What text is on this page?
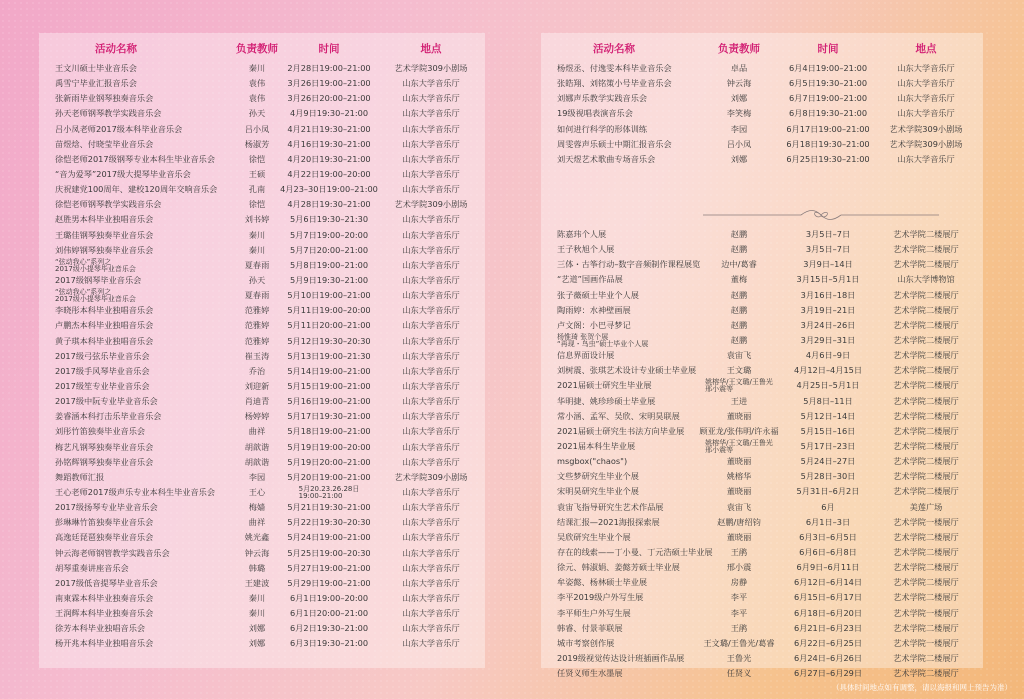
活动名称	负责教师	时间	地点
王文川硕士毕业音乐会	秦川	2月28日19:00–21:00	艺术学院309小剧场
禹雪宁毕业汇报音乐会	袁伟	3月26日19:00–21:00	山东大学音乐厅
张新雨毕业钢琴独奏音乐会	袁伟	3月26日20:00–21:00	山东大学音乐厅
孙天老师钢琴教学实践音乐会	孙天	4月9日19:30–21:00	山东大学音乐厅
吕小凤老师2017级本科毕业音乐会	吕小凤 4月21日19:30–21:00	山东大学音乐厅
苗煜焓、付晓莹毕业音乐会	杨淑芳 4月16日19:30–21:00	山东大学音乐厅
徐恺老师2017级钢琴专业本科生毕业音乐会	徐恺	4月20日19:30–21:00	山东大学音乐厅
“音为爱琴”2017级大提琴毕业音乐会	王硕	4月22日19:00–20:00	山东大学音乐厅
庆祝建党100周年、建校120周年交响音乐会	孔南 4月23–30日19:00–21:00	山东大学音乐厅
徐恺老师钢琴教学实践音乐会	徐恺	4月28日19:30–21:00	艺术学院309小剧场
赵胜男本科毕业独唱音乐会	刘书婷	5月6日19:30–21:30	山东大学音乐厅
王璐佳钢琴独奏毕业音乐会	秦川	5月7日19:00–20:00	山东大学音乐厅
刘伟婷钢琴独奏毕业音乐会	秦川	5月7日20:00–21:00	山东大学音乐厅
“弦动我心”系列之
2017级小提琴毕业音乐会	夏春雨	5月8日19:00–21:00	山东大学音乐厅
2017级钢琴毕业音乐会	孙天	5月9日19:30–21:00	山东大学音乐厅
“弦动我心”系列之
2017级小提琴毕业音乐会	夏春雨 5月10日19:00–21:00	山东大学音乐厅
李晓彤本科毕业独唱音乐会	范雅婷 5月11日19:00–20:00	山东大学音乐厅
卢鹏杰本科毕业独唱音乐会	范雅婷 5月11日20:00–21:00	山东大学音乐厅
黄子琪本科毕业独唱音乐会	范雅婷 5月12日19:30–20:30	山东大学音乐厅
2017级弓弦乐毕业音乐会	崔玉涛 5月13日19:00–21:30	山东大学音乐厅
2017级手风琴毕业音乐会	乔治	5月14日19:00–21:00	山东大学音乐厅
2017级笙专业毕业音乐会	刘迎新 5月15日19:00–21:00	山东大学音乐厅
2017级中阮专业毕业音乐会	肖迪青 5月16日19:00–21:00	山东大学音乐厅
姜睿涵本科打击乐毕业音乐会	杨婷婷 5月17日19:30–21:00	山东大学音乐厅
刘彤竹笛独奏毕业音乐会	曲祥	5月18日19:00–21:00	山东大学音乐厅
梅艺凡钢琴独奏毕业音乐会	胡歆谐 5月19日19:00–20:00	山东大学音乐厅
孙铭辉钢琴独奏毕业音乐会	胡歆谐 5月19日20:00–21:00	山东大学音乐厅
舞蹈教师汇报	李园	5月20日19:00–21:00	艺术学院309小剧场
王心老师2017级声乐专业本科生毕业音乐会	王心	5月20.23.26.28日
19:00–21:00	山东大学音乐厅
2017级扬琴专业毕业音乐会	梅嫱	5月21日19:30–21:00	山东大学音乐厅
彭琳琳竹笛独奏毕业音乐会	曲祥	5月22日19:30–20:30	山东大学音乐厅
高逸廷琵琶独奏毕业音乐会	姚光鑫 5月24日19:00–21:00	山东大学音乐厅
钟云海老师钢管教学实践音乐会	钟云海 5月25日19:00–20:30	山东大学音乐厅
胡琴重奏讲座音乐会	韩璐	5月27日19:00–21:00	山东大学音乐厅
2017级低音提琴毕业音乐会	王建波 5月29日19:00–21:00	山东大学音乐厅
南東霖本科毕业独奏音乐会	秦川	6月1日19:00–20:00	山东大学音乐厅
王润辉本科毕业独奏音乐会	秦川	6月1日20:00–21:00	山东大学音乐厅
徐芳本科毕业独唱音乐会	刘娜	6月2日19:30–21:00	山东大学音乐厅
杨开兆本科毕业独唱音乐会	刘娜	6月3日19:30–21:00	山东大学音乐厅
活动名称	负责教师	时间	地点
杨煜丞、付逸雯本科毕业音乐会	卓品	6月4日19:00–21:00	山东大学音乐厅
张皓翔、刘铭策小号毕业音乐会	钟云海	6月5日19:30–21:00	山东大学音乐厅
刘娜声乐教学实践音乐会	刘娜	6月7日19:00–21:00	山东大学音乐厅
19级视唱表演音乐会	李笑梅	6月8日19:30–21:00	山东大学音乐厅
如何进行科学的形体训练	李园	6月17日19:00–21:00 艺术学院309小剧场
周雯蓉声乐硕士中期汇报音乐会	吕小凤	6月18日19:30–21:00 艺术学院309小剧场
刘天煜艺术歌曲专场音乐会	刘娜	6月25日19:30–21:00	山东大学音乐厅
陈嘉玮个人展	赵鹏	3月5日–7日	艺术学院二楼展厅
王子秋旭个人展	赵鹏	3月5日–7日	艺术学院二楼展厅
三体・古筝行动–数字音频制作课程展览	边中/葛睿	3月9日–14日	艺术学院二楼展厅
“艺道”国画作品展	董梅	3月15日–5月1日	山东大学博物馆
张子薇硕士毕业个人展	赵鹏	3月16日–18日	艺术学院二楼展厅
陶雨婷：水神壁画展	赵鹏	3月19日–21日	艺术学院二楼展厅
卢文阁：小巴寻梦记	赵鹏	3月24日–26日	艺术学院二楼展厅
杨惟琦 张贺个展
“再现・鸟虫”硕士毕业个人展	赵鹏	3月29日–31日	艺术学院二楼展厅
信息界面设计展	袁宙飞	4月6日–9日	艺术学院二楼展厅
刘树震、张琪艺术设计专业硕士毕业展	王文璐	4月12日–4月15日	艺术学院二楼展厅
2021届硕士研究生毕业展	姚榕华/王文璐/王鲁光
邢小震等	4月25日–5月1日	艺术学院二楼展厅
华明捷、姚珍珍硕士毕业展	王进	5月8日–11日	艺术学院二楼展厅
常小涵、孟军、吴欣、宋明昊联展	董晓丽	5月12日–14日	艺术学院二楼展厅
2021届硕士研究生书法方向毕业展 顾亚龙/张伟明/许永福	5月15日–16日	艺术学院二楼展厅
2021届本科生毕业展	姚榕华/王文璐/王鲁光
邢小震等	5月17日–23日	艺术学院二楼展厅
msgbox("chaos")	董晓丽	5月24日–27日	艺术学院二楼展厅
文些梦研究生毕业个展	姚榕华	5月28日–30日	艺术学院二楼展厅
宋明昊研究生毕业个展	董晓丽	5月31日–6月2日	艺术学院二楼展厅
袁宙飞指导研究生艺术作品展	袁宙飞	6月	美莲广场
结课汇报—2021海报探索展	赵鹏/唐绍钧	6月1日–3日	艺术学院一楼展厅
吴欣研究生毕业个展	董晓丽	6月3日–6月5日	艺术学院二楼展厅
存在的线索——丁小曼、丁元浩硕士毕业展 王鹃	6月6日–6月8日	艺术学院二楼展厅
徐元、韩淑娟、姜懿芳硕士毕业展	邢小震	6月9日–6月11日	艺术学院二楼展厅
牟姿懿、杨林硕士毕业展	房静	6月12日–6月14日	艺术学院二楼展厅
李平2019级户外写生展	李平	6月15日–6月17日	艺术学院二楼展厅
李平师生户外写生展	李平	6月18日–6月20日	艺术学院一楼展厅
韩睿、付景菲联展	王鹃	6月21日–6月23日	艺术学院二楼展厅
城市考察创作展	王文璐/王鲁光/葛睿 6月22日–6月25日	艺术学院一楼展厅
2019级视觉传达设计班插画作品展	王鲁光	6月24日–6月26日	艺术学院二楼展厅
任贤义师生水墨展	任贤义	6月27日–6月29日	艺术学院二楼展厅
（具体时间地点如有调整，请以海报和网上预告为准）
